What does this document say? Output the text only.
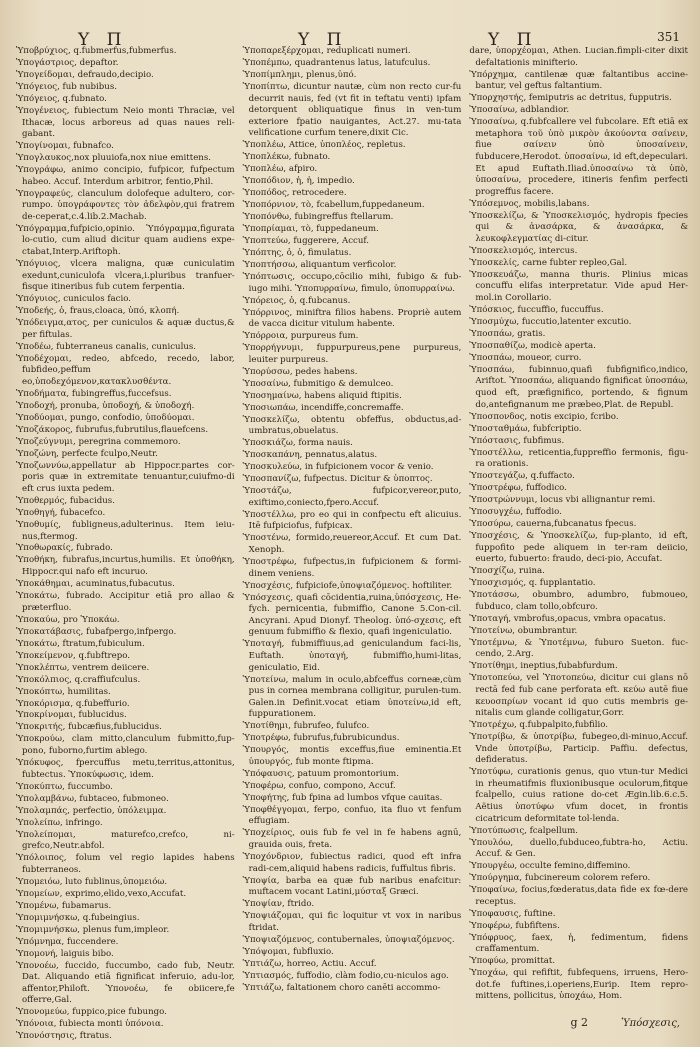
Υ Π	Υ Π	Υ Π	351
Ὑποβρύχιος, q.fubmerfus,fubmerfus.
Ὑπογάστριος, depaftor.
Ὑπογείδομαι, defraudo,decipio.
Ὑπόγειος, fub nubibus.
Ὑπόγειος, q.fubnato.
Ὑπογένειος, fubiectum Neio monti Thraciæ, vel Ithacæ, locus arboreus ad quas naues reli-gabant.
Ὑπογίνομαι, fubnafco.
Ὑπογλαυκος,nox pluuiofa,nox niue emittens.
Ὑπογράφω, animo concipio, fufpicor, fufpectum habeo. Accuf. Interdum arbitror, fentio,Phil.
Ὑπογραφεύς, clanculum dolofeque adultero, cor-rumpo. ὑπογράφοντες τὸν ἀδελφὸν,qui fratrem de-ceperat,c.4.lib.2.Machab.
Ὑπόγραμμα,fufpicio,opinio. Ὑπόγραμμα,figurata lo-cutio, cum aliud dicitur quam audiens expe-ctabat,Interp.Ariftoph.
Ὑπόγυιος, vlcera maligna, quæ cuniculatim exedunt,cuniculofa vlcera,i.pluribus tranfuer-fisque itineribus fub cutem ferpentia.
Ὑπόγυιος, cuniculos facio.
Ὑποδεής, ὁ, fraus,cloaca, ὑπό, κλοπή.
Ὑπόδειγμα,ατος, per cuniculos & aquæ ductus,& per fiftulas.
Ὑποδέω, fubterraneus canalis, cuniculus.
Ὑποδέχομαι, redeo, abfcedo, recedo, labor, fubfideo,peffum eo,ὑποδεχόμενον,κατακλυσθέντα.
Ὑποδήματα, fubingreffus,fuccefsus.
Ὑποδοχή, pronuba, ὑποδοχή, & ὑποδοχή.
Ὑποδύομαι, pungo, confodio, ὑποδύομαι.
Ὑποζάκορος, fubrufus,fubrutilus,flauefcens.
Ὑποζεύγνυμι, peregrina commemoro.
Ὑποζώνη, perfecte fculpo,Neutr.
Ὑποζωννύω,appellatur ab Hippocr.partes cor-poris quæ in extremitate tenuantur,cuiufmo-di eft crus iuxta pedem.
Ὑποθερμός, fubacidus.
Ὑποθηγή, fubacefco.
Ὑποθυμίς, fubligneus,adulterinus. Item ieiu-nus,ftermog.
Ὑποθωρακίς, fubrado.
Ὑποθήκη, fubrafus,incurtus,humilis. Et ὑποθήκη, Hippocr.qui nafo eft incuruo.
Ὑποκάθημαι, acuminatus,fubacutus.
Ὑποκάτω, fubrado. Accipitur etiā pro allao & præterfluo.
Ὑποκαύω, pro Ὑποκάω.
Ὑποκατάβασις, fubafpergo,infpergo.
Ὑποκάτω, ftratum,fubiculum.
Ὑποκείμενον, q.fubftrepo.
Ὑποκλέπτω, ventrem deiicere.
Ὑποκόλπιος, q.craffiufculus.
Ὑποκόπτω, humilitas.
Ὑποκόρισμα, q.fubeffurio.
Ὑποκρίνομαι, fublucidus.
Ὑποκριτής, fubcæfius,fublucidus.
Ὑποκρούω, clam mitto,clanculum fubmitto,fup-pono, fuborno,furtim ablego.
Ὑπόκυφος, fpercuffus metu,territus,attonitus, fubtectus. Ὑποκύφωσις, idem.
Ὑποκύπτω, fuccumbo.
Ὑπολαμβάνω, fubtaceo, fubmoneo.
Ὑπολαμπάς, perfectio, ὑπόλειμμα.
Ὑπολείπω, infringo.
Ὑπολείπομαι, maturefco,crefco, ni-grefco,Neutr.abfol.
Ὑπόλοιπος, folum vel regio lapides habens fubterraneos.
Ὑπομειόω, luto fublinus,ὑπομειόω.
Ὑπομείων, exprimo,elido,vexo,Accufat.
Ὑπομένω, fubamarus.
Ὑπομιμνήσκω, q.fubeingius.
Ὑπομιμνήσκω, plenus fum,impleor.
Ὑπόμνημα, fuccendere.
Ὑπομονή, laiguis bibo.
Ὑπονοέω, fuccido, fuccumbo, cado fub, Neutr. Dat. Aliquando etiā fignificat inferuio, adu-lor, affentor,Philoft. Ὑπονοέω, fe obiicere,fe offerre,Gal.
Ὑπονομεύω, fuppico,pice fubungo.
Ὑπόνοια, fubiecta monti ὑπόνοια.
Ὑπονόστησις, ftratus.
Ὑποπαρεξέρχομαι, reduplicati numeri.
Ὑποπέμπω, quadrantenus latus, latufculus.
Ὑποπίμπλημι, plenus,ὑπό.
Ὑποπίπτω, dicuntur nautæ, cùm non recto cur-fu decurrit nauis, fed (vt fit in teftatu venti) ipfam detorquent obliquatique finus in ven-tum exteriore fpatio nauigantes, Act.27. mu-tata velificatione curfum tenere,dixit Cic.
Ὑποπλέω, Attice, ὑποπλέος, repletus.
Ὑποπλέκω, fubnato.
Ὑποπλέω, afpiro.
Ὑποπόδιον, ἡ, ἡ, impedio.
Ὑποπόδος, retrocedere.
Ὑποπόρνιον, τὸ, fcabellum,fuppedaneum.
Ὑποπόνθω, fubingreffus ftellarum.
Ὑποπρίαμαι, τὸ, fuppedaneum.
Ὑποπτεύω, fuggerere, Accuf.
Ὑπόπτης, ὁ, ὁ, fimulatus.
Ὑποπτήσσω, aliquantum verficolor.
Ὑπόπτωσις, occupo,cōcilio mihi, fubigo & fub-iugo mihi. Ὑποπυρραίνω, fimulo, ὑποπυρραίνω.
Ὑπόρειος, ὁ, q.fubcanus.
Ὑπόρρινος, miniftra filios habens. Propriè autem de vacca dicitur vitulum habente.
Ὑπόρροια, purpureus fum.
Ὑπορρήγνυμι, fuppurpureus,pene purpureus, leuiter purpureus.
Ὑπορύσσω, pedes habens.
Ὑποσαίνω, fubmitigo & demulceo.
Ὑποσημαίνω, habens aliquid ftipitis.
Ὑποσιωπάω, incendiffe,concremaffe.
Ὑποσκελίζω, obtentu obfeffus, obductus,ad-umbratus,obuelatus.
Ὑποσκιάζω, forma nauis.
Ὑποσκαπάνη, pennatus,alatus.
Ὑποσκυλεύω, in fufpicionem vocor & venio.
Ὑποσπανίζω, fufpectus. Dicitur & ὑποπτος.
Ὑποστάζω, fufpicor,vereor,puto, exiftimo,coniecto,fpero.Accuf.
Ὑποστέλλω, pro eo qui in confpectu eft alicuius. Itē fufpiciofus, fufpicax.
Ὑποστένω, formido,reuereor,Accuf. Et cum Dat. Xenoph.
Ὑποστρέφω, fufpectus,in fufpicionem & formi-dinem veniens.
Ὑποσχέσις, fufpiciofe,ὑποψιαζόμενος. hoftiliter.
Ὑπόσχεσις, quafi cōcidentia,ruina,ὑπόσχεσις, He-fych. pernicentia, fubmiffio, Canone 5.Con-cil. Ancyrani. Apud Dionyf. Theolog. ὑπό-σχεσις, eft genuum fubmiffio & flexio, quafi ingeniculatio.
Ὑποταγή, fubmiffiuus,ad geniculandum faci-lis, Euftath. ὑποταγή, fubmiffio,humi-litas, geniculatio, Eid.
Ὑποτείνω, malum in oculo,abfceffus corneæ,cùm pus in cornea membrana colligitur, purulen-tum. Galen.in Definit.vocat etiam ὑποτείνω,id eft, fuppurationem.
Ὑποτίθημι, fubrufeo, fulufco.
Ὑποτρέφω, fubrufus,fubrubicundus.
Ὑπουργός, montis exceffus,fiue eminentia.Et ὑπουργός, fub monte ftipma.
Ὑπόφαυσις, patuum promontorium.
Ὑποφέρω, confuo, compono, Accuf.
Ὑποφήτης, fub fpina ad lumbos vfque cauitas.
Ὑποφθέγγομαι, ferpo, confuo, ita fluo vt fenfum effugiam.
Ὑποχείριος, ouis fub fe vel in fe habens agnū, grauida ouis, freta.
Ὑποχόνδριον, fubiectus radici, quod eft infra radi-cem,aliquid habens radicis, fuffultus fibris.
Ὑποψία, barba ea quæ fub naribus enafcitur: muftacem vocant Latini,μύσταξ Græci.
Ὑποψίαν, ftrido.
Ὑποψιάζομαι, qui fic loquitur vt vox in naribus ftridat.
Ὑποψιαζόμενος, contubernales, ὑποψιαζόμενος.
Ὑπόψομαι, fubfluxio.
Ὑπτιάζω, horreo, Actiu. Accuf.
Ὑπτιασμός, fuffodio, clàm fodio,cu-niculos ago.
Ὑπτιάζω, faltationem choro canēti accommo-
dare, ὑπορχέομαι, Athen. Lucian.fimpli-citer dixit defaltationis minifterio.
Ὑπόρχημα, cantilenæ quæ faltantibus accine-bantur, vel geftus faltantium.
Ὑπορχηστής, femiputris ac detritus, fupputris.
Ὑποσαίνω, adblandior.
Ὑποσαίνω, q.fubfcallere vel fubcolare. Eft etiā ex metaphora τοῦ ὑπὸ μικρὸν ἀκούοντα σαίνειν, fiue σαίνειν ὑπὸ ὑποσαίνειν, fubducere,Herodot. ὑποσαίνω, id eft,depeculari. Et apud Euftath.Iliad.ὑποσαίνω τὰ ὑπὸ, ὑποσαίνω, procedere, itineris fenfim perfecti progreffus facere.
Ὑπόσεμνος, mobilis,labans.
Ὑποσκελίζω, & Ὑποσκελισμός, hydropis fpecies qui & ἀνασάρκα, & ἀνασάρκα, & λευκοφλεγματίας di-citur.
Ὑποσκελισμός, intercus.
Ὑποσκελίς, carne fubter repleo,Gal.
Ὑποσκευάζω, manna thuris. Plinius micas concuffu elifas interpretatur. Vide apud Her-mol.in Corollario.
Ὑπόσκιος, fuccuffio, fuccuffus.
Ὑποσμύχω, fuccutio,latenter excutio.
Ὑποσπάω, gratis.
Ὑποσπαθίζω, modicè aperta.
Ὑποσπάω, moueor, curro.
Ὑποσπάω, fubinnuo,quafi fubfignifico,indico, Ariftot. Ὑποσπάω, aliquando fignificat ὑποσπάω, quod eft, præfignifico, portendo, & fignum do,antefignanum me præbeo,Plat. de Republ.
Ὑποσπονδος, notis excipio, fcribo.
Ὑποσταθμάω, fubfcriptio.
Ὑπόστασις, fubfimus.
Ὑποστέλλω, reticentia,fuppreffio fermonis, figu-ra orationis.
Ὑποστεγάζω, q.fuffacto.
Ὑποστρέφω, fuffodico.
Ὑποστρώννυμι, locus vbi allignantur remi.
Ὑποσυγχέω, fuffodio.
Ὑποσύρω, cauerna,fubcanatus fpecus.
Ὑποσχέσις, & Ὑποσκελίζω, fup-planto, id eft, fuppofito pede aliquem in ter-ram deiicio, euerto, fubuerto: fraudo, deci-pio, Accufat.
Ὑποσχίζω, ruina.
Ὑποσχισμός, q. fupplantatio.
Ὑποτάσσω, obumbro, adumbro, fubmoueo, fubduco, clam tollo,obfcuro.
Ὑποταγή, vmbrofus,opacus, vmbra opacatus.
Ὑποτείνω, obumbrantur.
Ὑποτέμνω, & Ὑποτέμνω, fuburo Sueton. fuc-cendo, 2.Arg.
Ὑποτίθημι, ineptius,fubabfurdum.
Ὑποτοπεύω, vel Ὑποτοπεύω, dicitur cui glans nō rectā fed fub cane perforata eft. κεύω autē fiue κευοσπρίων vocant id quo cutis membris ge-nitalis cum glande colligatur,Gorr.
Ὑποτρέχω, q.fubpalpito,fubfilio.
Ὑποτρίβω, & ὑποτρίβω, fubegeo,di-minuo,Accuf. Vnde ὑποτρίβω, Particip. Paffiu. defectus, defideratus.
Ὑποτύφω, curationis genus, quo vtun-tur Medici in rheumatifmis fluxionibusque oculorum,fitque fcalpello, cuius ratione do-cet Ægin.lib.6.c.5. Aëtius ὑποτύφω vfum docet, in frontis cicatricum deformitate tol-lenda.
Ὑποτύπωσις, fcalpellum.
Ὑπουλόω, duello,fubduceo,fubtra-ho, Actiu. Accuf. & Gen.
Ὑπουργέω, occulte femino,diffemino.
Ὑπούργημα, fubcinereum colorem refero.
Ὑποφαίνω, focius,fœderatus,data fide ex fœ-dere receptus.
Ὑποφαυσις, fuftine.
Ὑποφέρω, fubfiftens.
Ὑπόφρυος, faex, ἡ, fedimentum, fidens craffamentum.
Ὑποφύω, promittat.
Ὑποχάω, qui refiftit, fubfequens, irruens, Hero-dot.fe fuftines,i.operiens,Eurip. Item repro-mittens, pollicitus, ὑποχάω, Hom.
g 2	Ὑπόσχεσις,
